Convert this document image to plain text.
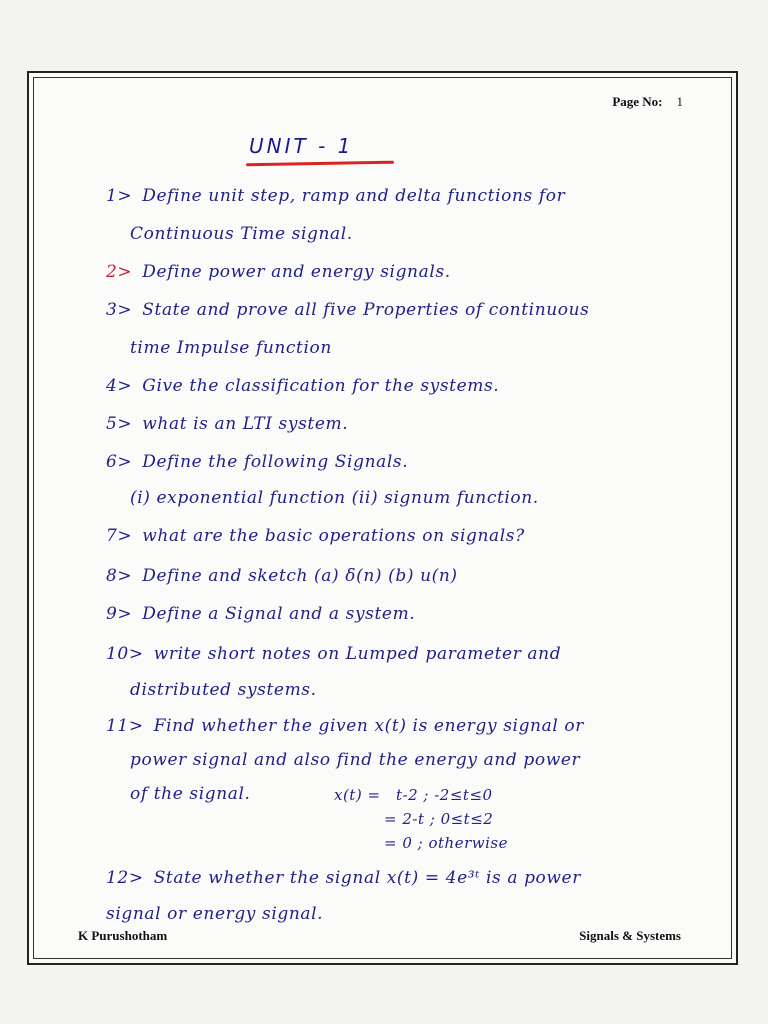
Page No: 1
UNIT - 1
1> Define unit step, ramp and delta functions for
Continuous Time signal.
2> Define power and energy signals.
3> State and prove all five Properties of continuous
time Impulse function
4> Give the classification for the systems.
5> what is an LTI system.
6> Define the following Signals.
(i) exponential function (ii) signum function.
7> what are the basic operations on signals?
8> Define and sketch (a) δ(n) (b) u(n)
9> Define a Signal and a system.
10> write short notes on Lumped parameter and
distributed systems.
11> Find whether the given x(t) is energy signal or
power signal and also find the energy and power
of the signal.	x(t) = t-2 ; -2≤t≤0
= 2-t ; 0≤t≤2
= 0 ; otherwise
12> State whether the signal x(t) = 4e³ᵗ is a power
signal or energy signal.
K Purushotham	Signals & Systems
